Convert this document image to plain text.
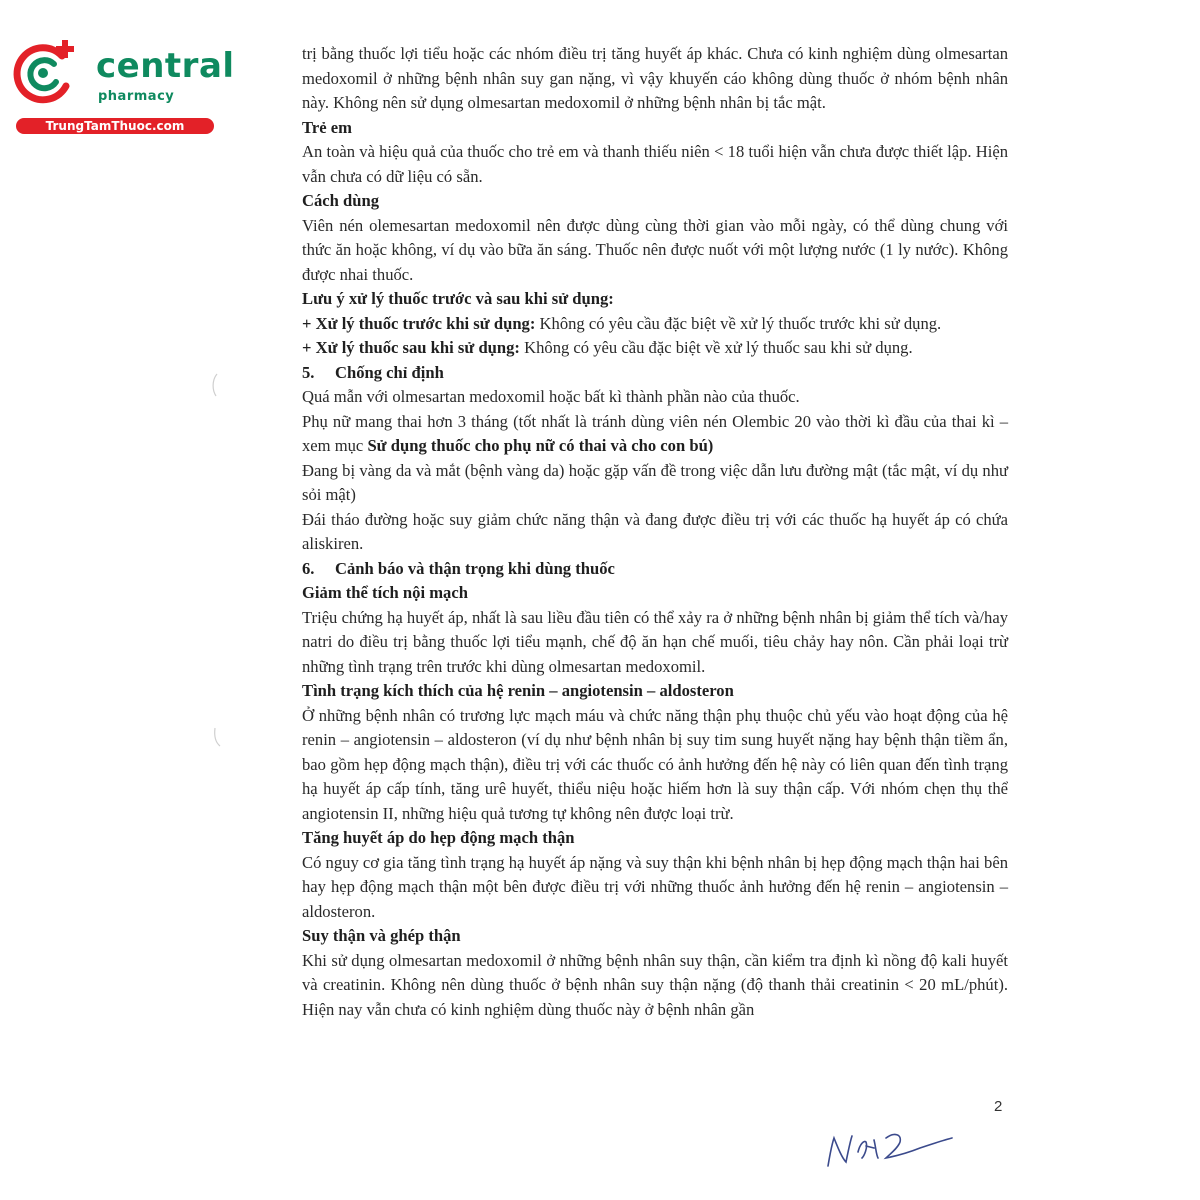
central
pharmacy
TrungTamThuoc.com

trị bằng thuốc lợi tiểu hoặc các nhóm điều trị tăng huyết áp khác. Chưa có kinh nghiệm dùng olmesartan medoxomil ở những bệnh nhân suy gan nặng, vì vậy khuyến cáo không dùng thuốc ở nhóm bệnh nhân này. Không nên sử dụng olmesartan medoxomil ở những bệnh nhân bị tắc mật.

Trẻ em

An toàn và hiệu quả của thuốc cho trẻ em và thanh thiếu niên < 18 tuổi hiện vẫn chưa được thiết lập. Hiện vẫn chưa có dữ liệu có sẵn.

Cách dùng

Viên nén olemesartan medoxomil nên được dùng cùng thời gian vào mỗi ngày, có thể dùng chung với thức ăn hoặc không, ví dụ vào bữa ăn sáng. Thuốc nên được nuốt với một lượng nước (1 ly nước). Không được nhai thuốc.

Lưu ý xử lý thuốc trước và sau khi sử dụng:

+ Xử lý thuốc trước khi sử dụng: Không có yêu cầu đặc biệt về xử lý thuốc trước khi sử dụng.

+ Xử lý thuốc sau khi sử dụng: Không có yêu cầu đặc biệt về xử lý thuốc sau khi sử dụng.

5. Chống chỉ định

Quá mẫn với olmesartan medoxomil hoặc bất kì thành phần nào của thuốc.

Phụ nữ mang thai hơn 3 tháng (tốt nhất là tránh dùng viên nén Olembic 20 vào thời kì đầu của thai kì – xem mục Sử dụng thuốc cho phụ nữ có thai và cho con bú)

Đang bị vàng da và mắt (bệnh vàng da) hoặc gặp vấn đề trong việc dẫn lưu đường mật (tắc mật, ví dụ như sỏi mật)

Đái tháo đường hoặc suy giảm chức năng thận và đang được điều trị với các thuốc hạ huyết áp có chứa aliskiren.

6. Cảnh báo và thận trọng khi dùng thuốc

Giảm thể tích nội mạch

Triệu chứng hạ huyết áp, nhất là sau liều đầu tiên có thể xảy ra ở những bệnh nhân bị giảm thể tích và/hay natri do điều trị bằng thuốc lợi tiểu mạnh, chế độ ăn hạn chế muối, tiêu chảy hay nôn. Cần phải loại trừ những tình trạng trên trước khi dùng olmesartan medoxomil.

Tình trạng kích thích của hệ renin – angiotensin – aldosteron

Ở những bệnh nhân có trương lực mạch máu và chức năng thận phụ thuộc chủ yếu vào hoạt động của hệ renin – angiotensin – aldosteron (ví dụ như bệnh nhân bị suy tim sung huyết nặng hay bệnh thận tiềm ẩn, bao gồm hẹp động mạch thận), điều trị với các thuốc có ảnh hưởng đến hệ này có liên quan đến tình trạng hạ huyết áp cấp tính, tăng urê huyết, thiểu niệu hoặc hiếm hơn là suy thận cấp. Với nhóm chẹn thụ thể angiotensin II, những hiệu quả tương tự không nên được loại trừ.

Tăng huyết áp do hẹp động mạch thận

Có nguy cơ gia tăng tình trạng hạ huyết áp nặng và suy thận khi bệnh nhân bị hẹp động mạch thận hai bên hay hẹp động mạch thận một bên được điều trị với những thuốc ảnh hưởng đến hệ renin – angiotensin – aldosteron.

Suy thận và ghép thận

Khi sử dụng olmesartan medoxomil ở những bệnh nhân suy thận, cần kiểm tra định kì nồng độ kali huyết và creatinin. Không nên dùng thuốc ở bệnh nhân suy thận nặng (độ thanh thải creatinin < 20 mL/phút). Hiện nay vẫn chưa có kinh nghiệm dùng thuốc này ở bệnh nhân gần

2
